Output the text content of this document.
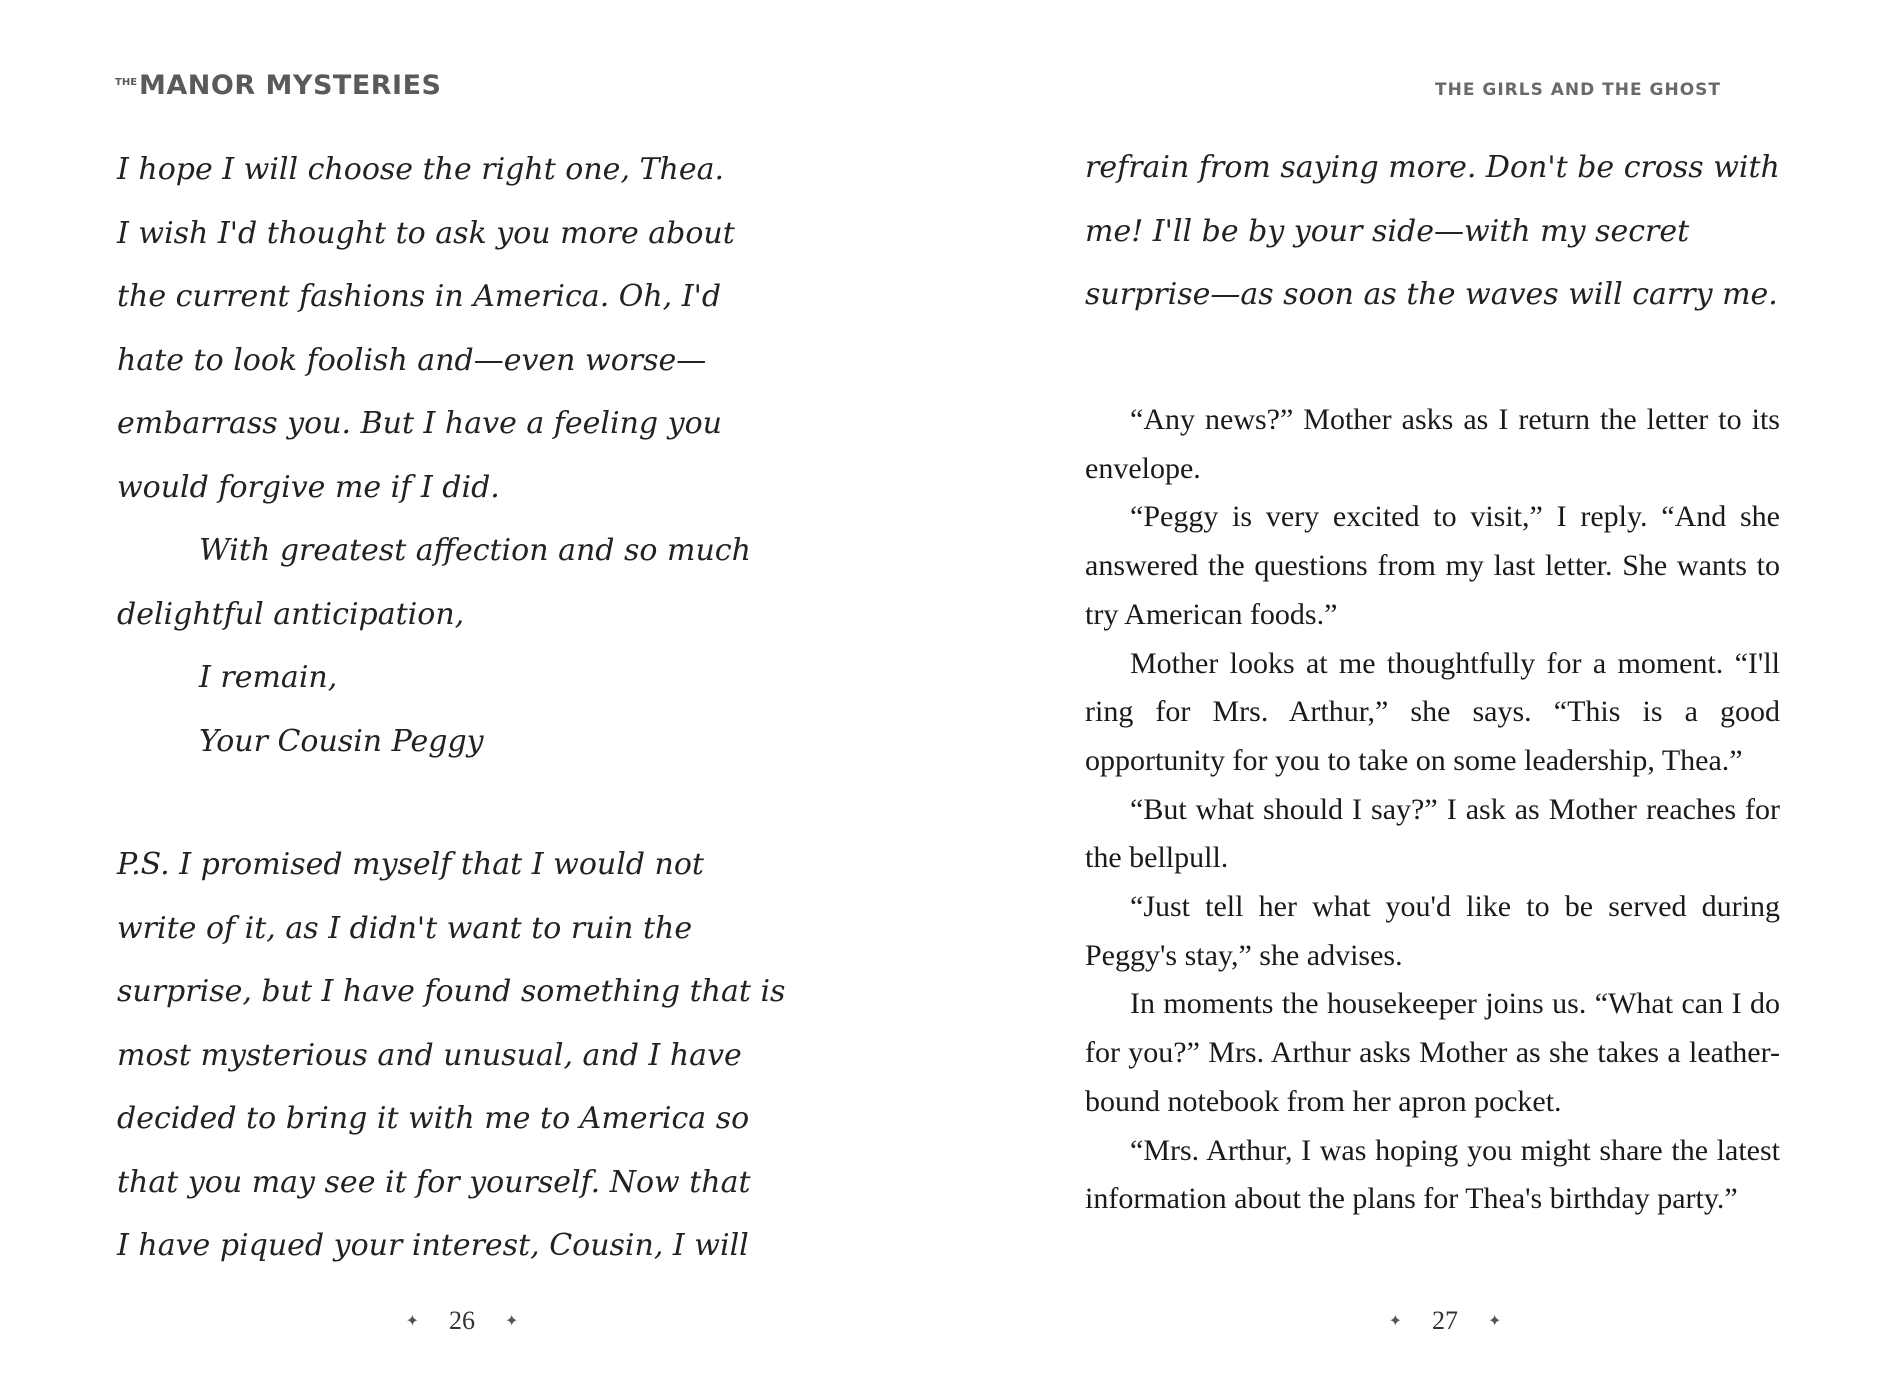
$^{THE}$MANOR MYSTERIES
I hope I will choose the right one, Thea.
I wish I'd thought to ask you more about
the current fashions in America. Oh, I'd
hate to look foolish and—even worse—
embarrass you. But I have a feeling you
would forgive me if I did.
With greatest affection and so much
delightful anticipation,
I remain,
Your Cousin Peggy
P.S. I promised myself that I would not
write of it, as I didn't want to ruin the
surprise, but I have found something that is
most mysterious and unusual, and I have
decided to bring it with me to America so
that you may see it for yourself. Now that
I have piqued your interest, Cousin, I will
✦ 26 ✦
THE GIRLS AND THE GHOST
refrain from saying more. Don't be cross with
me! I'll be by your side—with my secret
surprise—as soon as the waves will carry me.

“Any news?” Mother asks as I return the letter to its envelope.

“Peggy is very excited to visit,” I reply. “And she answered the questions from my last letter. She wants to try American foods.”

Mother looks at me thoughtfully for a moment. “I'll ring for Mrs. Arthur,” she says. “This is a good opportunity for you to take on some leadership, Thea.”

“But what should I say?” I ask as Mother reaches for the bellpull.

“Just tell her what you'd like to be served during Peggy's stay,” she advises.

In moments the housekeeper joins us. “What can I do for you?” Mrs. Arthur asks Mother as she takes a leather-bound notebook from her apron pocket.

“Mrs. Arthur, I was hoping you might share the latest information about the plans for Thea's birthday party.”

✦ 27 ✦
